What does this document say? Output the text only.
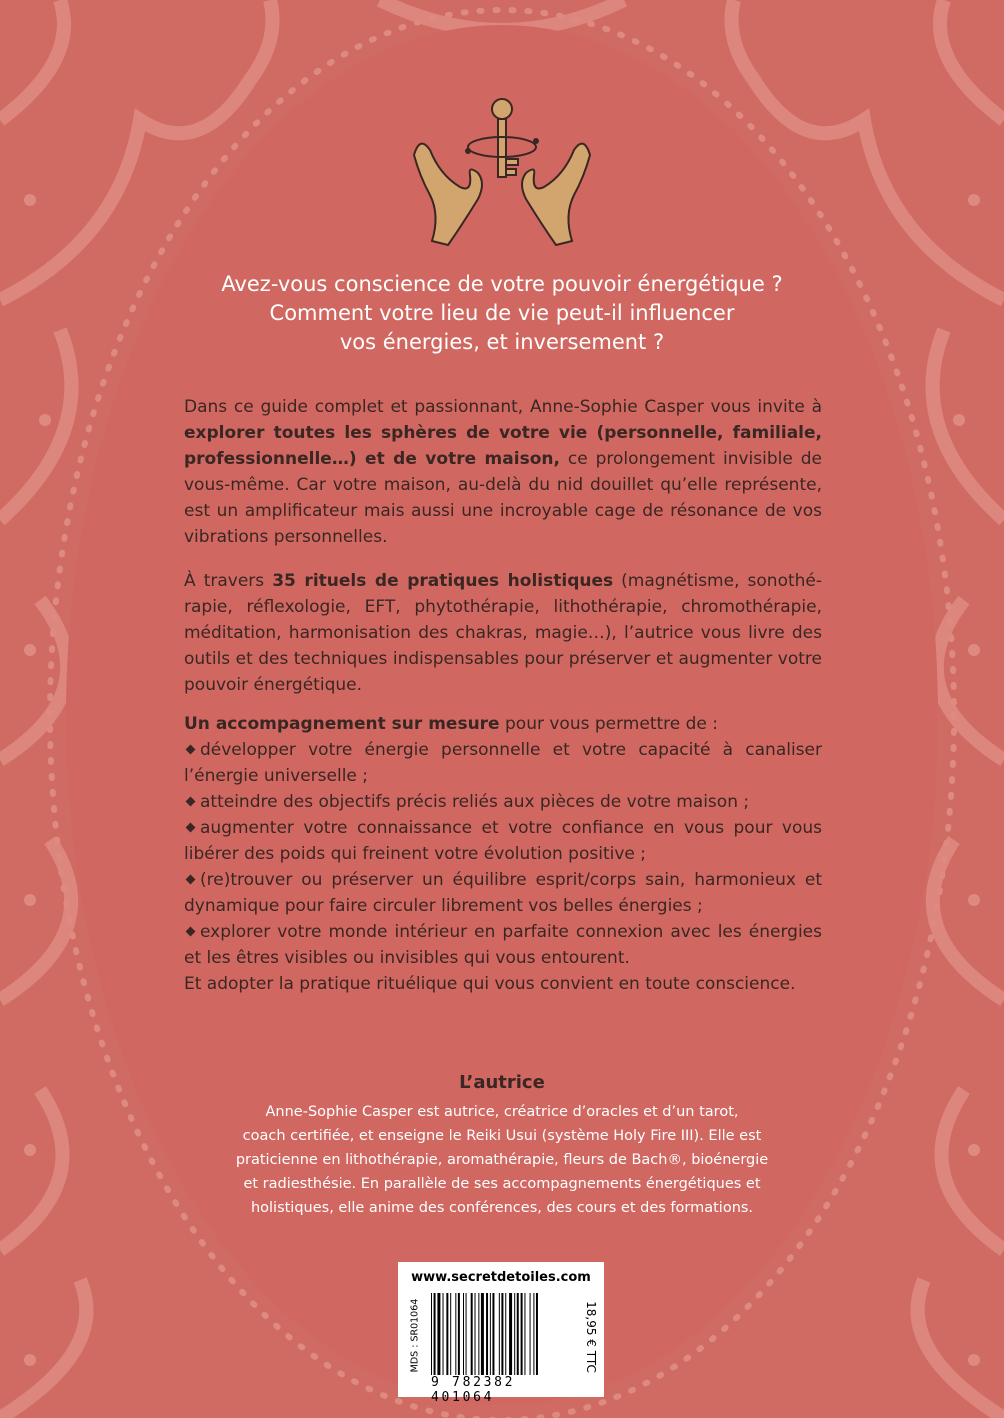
Avez-vous conscience de votre pouvoir énergétique ?
Comment votre lieu de vie peut-il influencer
vos énergies, et inversement ?
Dans ce guide complet et passionnant, Anne-Sophie Casper vous invite à explorer toutes les sphères de votre vie (personnelle, familiale, professionnelle…) et de votre maison, ce prolongement invisible de vous-même. Car votre maison, au-delà du nid douillet qu’elle représente, est un amplificateur mais aussi une incroyable cage de résonance de vos vibrations personnelles.
À travers 35 rituels de pratiques holistiques (magnétisme, sonothé-rapie, réflexologie, EFT, phytothérapie, lithothérapie, chromothérapie, méditation, harmonisation des chakras, magie…), l’autrice vous livre des outils et des techniques indispensables pour préserver et augmenter votre pouvoir énergétique.
Un accompagnement sur mesure pour vous permettre de :
développer votre énergie personnelle et votre capacité à canaliser l’énergie universelle ;
atteindre des objectifs précis reliés aux pièces de votre maison ;
augmenter votre connaissance et votre confiance en vous pour vous libérer des poids qui freinent votre évolution positive ;
(re)trouver ou préserver un équilibre esprit/corps sain, harmonieux et dynamique pour faire circuler librement vos belles énergies ;
explorer votre monde intérieur en parfaite connexion avec les énergies et les êtres visibles ou invisibles qui vous entourent.
Et adopter la pratique rituélique qui vous convient en toute conscience.
L’autrice
Anne-Sophie Casper est autrice, créatrice d’oracles et d’un tarot,
coach certifiée, et enseigne le Reiki Usui (système Holy Fire III). Elle est
praticienne en lithothérapie, aromathérapie, fleurs de Bach®, bioénergie
et radiesthésie. En parallèle de ses accompagnements énergétiques et
holistiques, elle anime des conférences, des cours et des formations.
www.secretdetoiles.com
MDS : SR01064
9 782382 401064
18,95 € TTC
